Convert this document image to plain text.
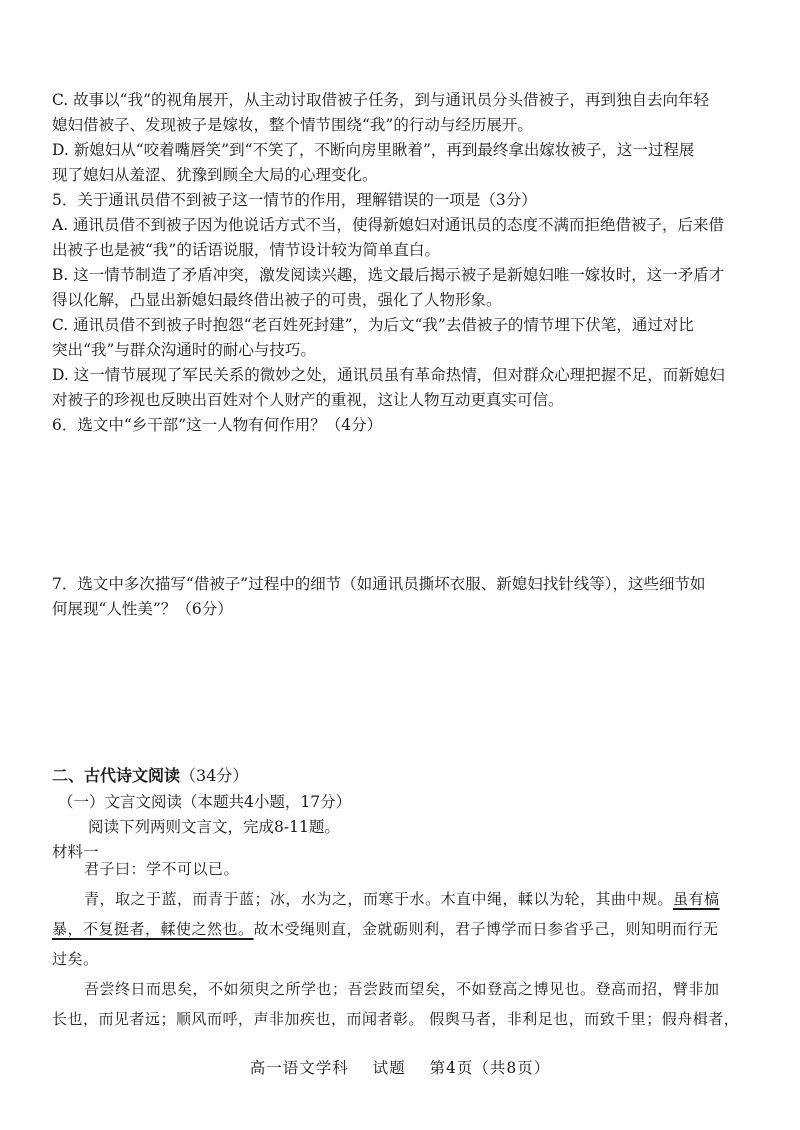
C. 故事以“我”的视角展开，从主动讨取借被子任务，到与通讯员分头借被子，再到独自去向年轻

媳妇借被子、发现被子是嫁妆，整个情节围绕“我”的行动与经历展开。

D. 新媳妇从“咬着嘴唇笑”到“不笑了，不断向房里瞅着”，再到最终拿出嫁妆被子，这一过程展

现了媳妇从羞涩、犹豫到顾全大局的心理变化。

5．关于通讯员借不到被子这一情节的作用，理解错误的一项是（3分）

A. 通讯员借不到被子因为他说话方式不当，使得新媳妇对通讯员的态度不满而拒绝借被子，后来借

出被子也是被“我”的话语说服，情节设计较为简单直白。

B. 这一情节制造了矛盾冲突，激发阅读兴趣，选文最后揭示被子是新媳妇唯一嫁妆时，这一矛盾才

得以化解，凸显出新媳妇最终借出被子的可贵，强化了人物形象。

C. 通讯员借不到被子时抱怨“老百姓死封建”，为后文“我”去借被子的情节埋下伏笔，通过对比

突出“我”与群众沟通时的耐心与技巧。

D. 这一情节展现了军民关系的微妙之处，通讯员虽有革命热情，但对群众心理把握不足，而新媳妇

对被子的珍视也反映出百姓对个人财产的重视，这让人物互动更真实可信。

6．选文中“乡干部”这一人物有何作用？（4分）

7．选文中多次描写“借被子”过程中的细节（如通讯员撕坏衣服、新媳妇找针线等），这些细节如

何展现“人性美”？（6分）

二、古代诗文阅读（34分）

（一）文言文阅读（本题共4小题，17分）

阅读下列两则文言文，完成8-11题。

材料一

君子曰：学不可以已。

青，取之于蓝，而青于蓝；冰，水为之，而寒于水。木直中绳，輮以为轮，其曲中规。虽有槁

暴，不复挺者，輮使之然也。故木受绳则直，金就砺则利，君子博学而日参省乎己，则知明而行无

过矣。

吾尝终日而思矣，不如须臾之所学也；吾尝跂而望矣，不如登高之博见也。登高而招，臂非加

长也，而见者远；顺风而呼，声非加疾也，而闻者彰。 假舆马者，非利足也，而致千里；假舟楫者，

高一语文学科 试题 第4页（共8页）
